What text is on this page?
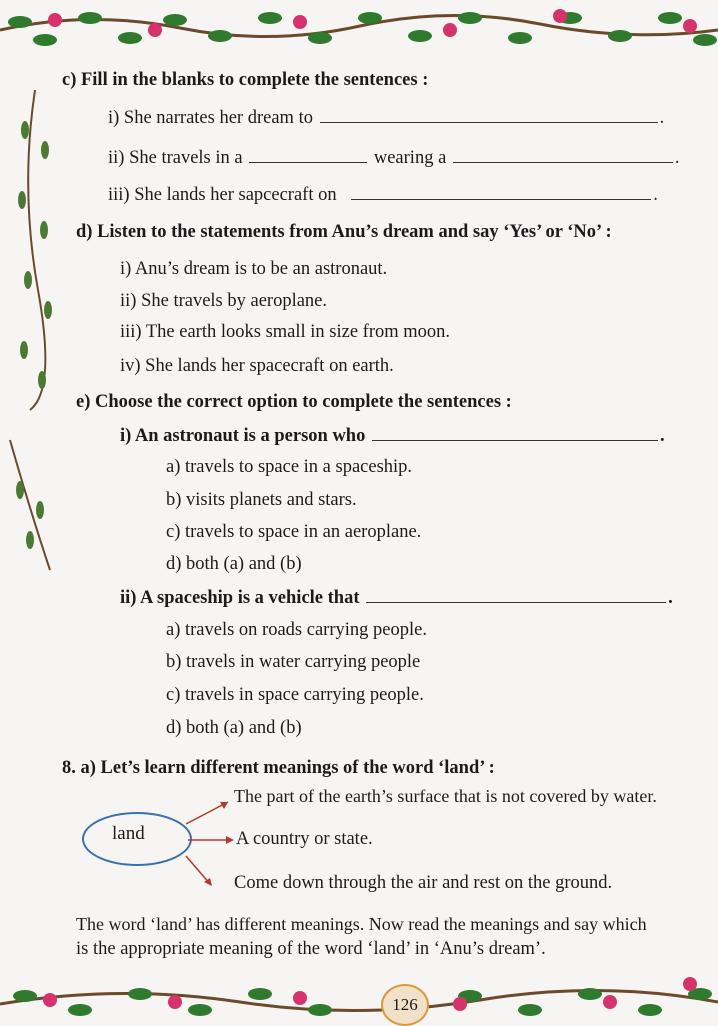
c) Fill in the blanks to complete the sentences :
i) She narrates her dream to	.
ii) She travels in a	wearing a	.
iii) She lands her sapcecraft on	.
d) Listen to the statements from Anu’s dream and say ‘Yes’ or ‘No’ :
i) Anu’s dream is to be an astronaut.
ii) She travels by aeroplane.
iii) The earth looks small in size from moon.
iv) She lands her spacecraft on earth.
e) Choose the correct option to complete the sentences :
i) An astronaut is a person who	.
a) travels to space in a spaceship.
b) visits planets and stars.
c) travels to space in an aeroplane.
d) both (a) and (b)
ii) A spaceship is a vehicle that	.
a) travels on roads carrying people.
b) travels in water carrying people
c) travels in space carrying people.
d) both (a) and (b)
8. a) Let’s learn different meanings of the word ‘land’ :
land
The part of the earth’s surface that is not covered by water.
A country or state.
Come down through the air and rest on the ground.
The word ‘land’ has different meanings. Now read the meanings and say which
is the appropriate meaning of the word ‘land’ in ‘Anu’s dream’.
126
